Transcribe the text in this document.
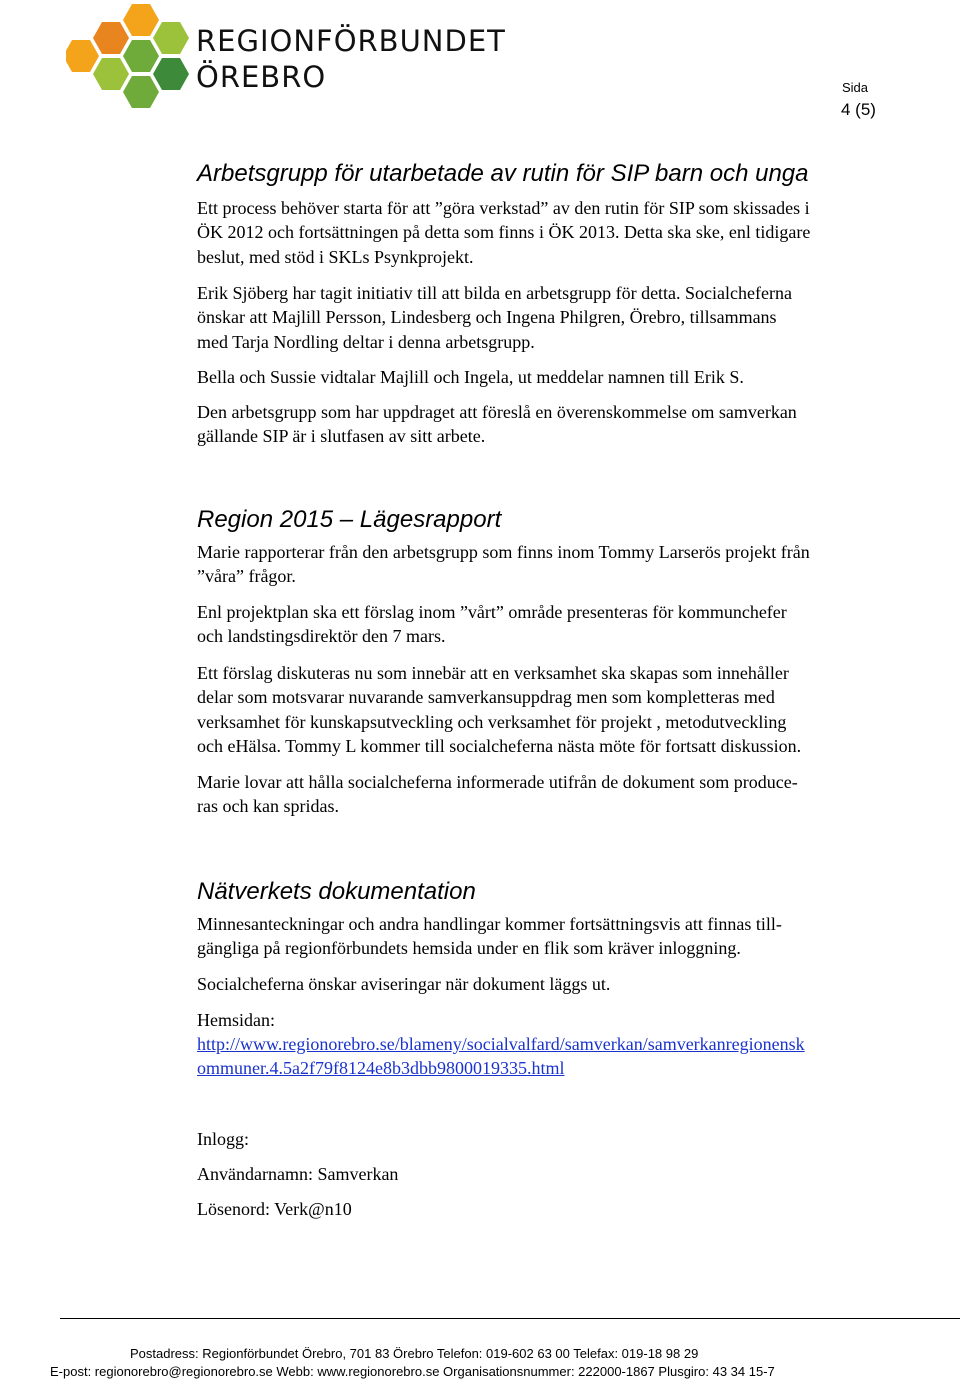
REGIONFÖRBUNDET
ÖREBRO	Sida
4 (5)
Arbetsgrupp för utarbetade av rutin för SIP barn och unga

Ett process behöver starta för att ”göra verkstad” av den rutin för SIP som skissades i
ÖK 2012 och fortsättningen på detta som finns i ÖK 2013. Detta ska ske, enl tidigare
beslut, med stöd i SKLs Psynkprojekt.

Erik Sjöberg har tagit initiativ till att bilda en arbetsgrupp för detta. Socialcheferna
önskar att Majlill Persson, Lindesberg och Ingena Philgren, Örebro, tillsammans
med Tarja Nordling deltar i denna arbetsgrupp.

Bella och Sussie vidtalar Majlill och Ingela, ut meddelar namnen till Erik S.

Den arbetsgrupp som har uppdraget att föreslå en överenskommelse om samverkan
gällande SIP är i slutfasen av sitt arbete.

Region 2015 – Lägesrapport

Marie rapporterar från den arbetsgrupp som finns inom Tommy Larserös projekt från
”våra” frågor.

Enl projektplan ska ett förslag inom ”vårt” område presenteras för kommunchefer
och landstingsdirektör den 7 mars.

Ett förslag diskuteras nu som innebär att en verksamhet ska skapas som innehåller
delar som motsvarar nuvarande samverkansuppdrag men som kompletteras med
verksamhet för kunskapsutveckling och verksamhet för projekt , metodutveckling
och eHälsa. Tommy L kommer till socialcheferna nästa möte för fortsatt diskussion.

Marie lovar att hålla socialcheferna informerade utifrån de dokument som produce-
ras och kan spridas.

Nätverkets dokumentation

Minnesanteckningar och andra handlingar kommer fortsättningsvis att finnas till-
gängliga på regionförbundets hemsida under en flik som kräver inloggning.

Socialcheferna önskar aviseringar när dokument läggs ut.

Hemsidan:

http://www.regionorebro.se/blameny/socialvalfard/samverkan/samverkanregionensk ommuner.4.5a2f79f8124e8b3dbb9800019335.html

Inlogg:

Användarnamn: Samverkan

Lösenord: Verk@n10

Postadress: Regionförbundet Örebro, 701 83 Örebro Telefon: 019-602 63 00 Telefax: 019-18 98 29
E-post: regionorebro@regionorebro.se Webb: www.regionorebro.se Organisationsnummer: 222000-1867 Plusgiro: 43 34 15-7
